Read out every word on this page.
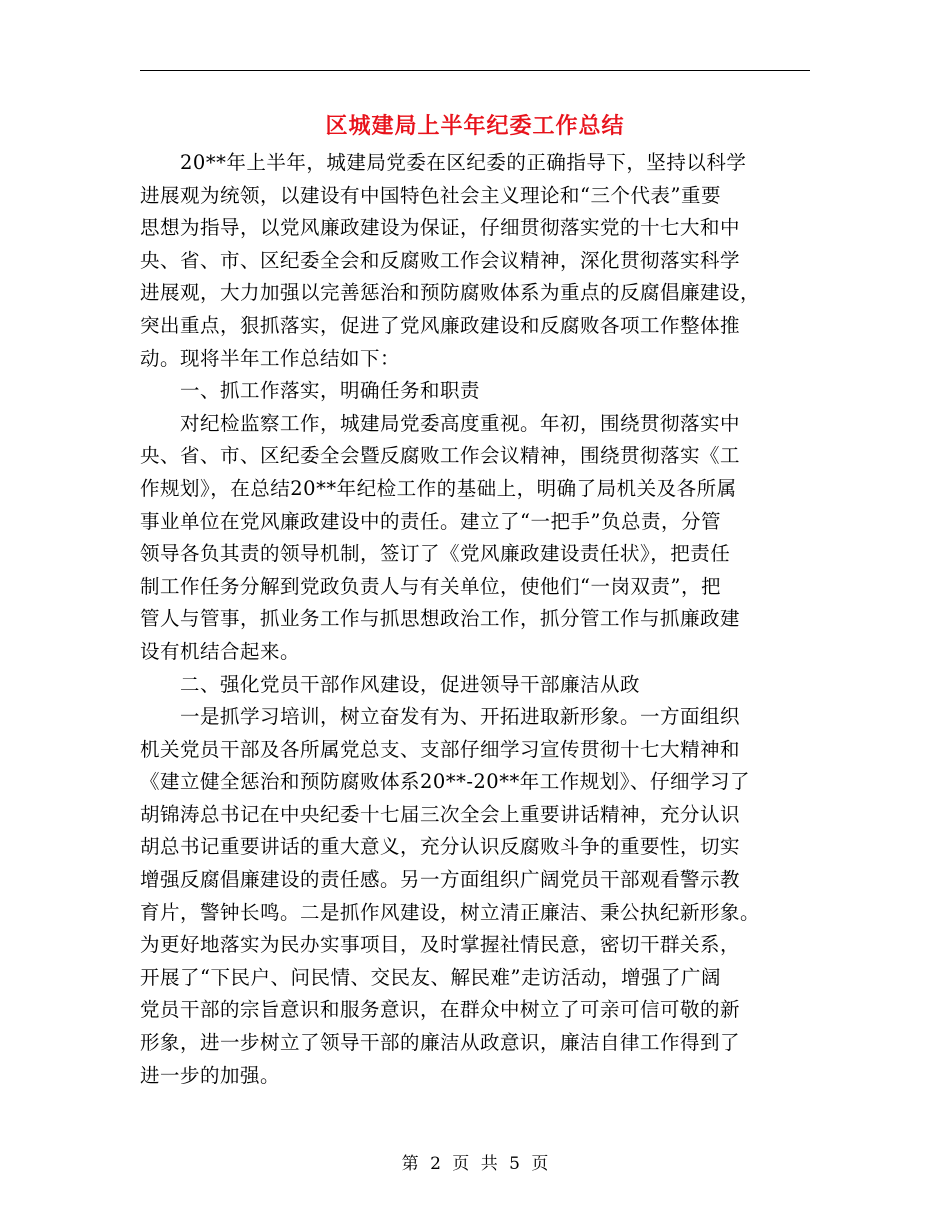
区城建局上半年纪委工作总结
　　20**年上半年，城建局党委在区纪委的正确指导下，坚持以科学
进展观为统领，以建设有中国特色社会主义理论和“三个代表”重要
思想为指导，以党风廉政建设为保证，仔细贯彻落实党的十七大和中
央、省、市、区纪委全会和反腐败工作会议精神，深化贯彻落实科学
进展观，大力加强以完善惩治和预防腐败体系为重点的反腐倡廉建设，
突出重点，狠抓落实，促进了党风廉政建设和反腐败各项工作整体推
动。现将半年工作总结如下：
　　一、抓工作落实，明确任务和职责
　　对纪检监察工作，城建局党委高度重视。年初，围绕贯彻落实中
央、省、市、区纪委全会暨反腐败工作会议精神，围绕贯彻落实《工
作规划》，在总结20**年纪检工作的基础上，明确了局机关及各所属
事业单位在党风廉政建设中的责任。建立了“一把手”负总责，分管
领导各负其责的领导机制，签订了《党风廉政建设责任状》，把责任
制工作任务分解到党政负责人与有关单位，使他们“一岗双责”，把
管人与管事，抓业务工作与抓思想政治工作，抓分管工作与抓廉政建
设有机结合起来。
　　二、强化党员干部作风建设，促进领导干部廉洁从政
　　一是抓学习培训，树立奋发有为、开拓进取新形象。一方面组织
机关党员干部及各所属党总支、支部仔细学习宣传贯彻十七大精神和
《建立健全惩治和预防腐败体系20**-20**年工作规划》、仔细学习了
胡锦涛总书记在中央纪委十七届三次全会上重要讲话精神，充分认识
胡总书记重要讲话的重大意义，充分认识反腐败斗争的重要性，切实
增强反腐倡廉建设的责任感。另一方面组织广阔党员干部观看警示教
育片，警钟长鸣。二是抓作风建设，树立清正廉洁、秉公执纪新形象。
为更好地落实为民办实事项目，及时掌握社情民意，密切干群关系，
开展了“下民户、问民情、交民友、解民难”走访活动，增强了广阔
党员干部的宗旨意识和服务意识，在群众中树立了可亲可信可敬的新
形象，进一步树立了领导干部的廉洁从政意识，廉洁自律工作得到了
进一步的加强。
第 2 页 共 5 页
